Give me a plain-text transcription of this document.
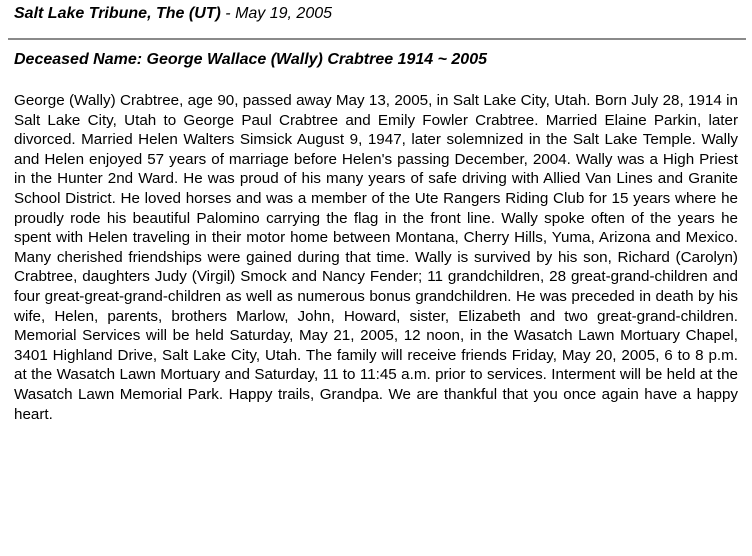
Salt Lake Tribune, The (UT) - May 19, 2005
Deceased Name: George Wallace (Wally) Crabtree 1914 ~ 2005

George (Wally) Crabtree, age 90, passed away May 13, 2005, in Salt Lake City, Utah. Born July 28, 1914 in Salt Lake City, Utah to George Paul Crabtree and Emily Fowler Crabtree. Married Elaine Parkin, later divorced. Married Helen Walters Simsick August 9, 1947, later solemnized in the Salt Lake Temple. Wally and Helen enjoyed 57 years of marriage before Helen's passing December, 2004. Wally was a High Priest in the Hunter 2nd Ward. He was proud of his many years of safe driving with Allied Van Lines and Granite School District. He loved horses and was a member of the Ute Rangers Riding Club for 15 years where he proudly rode his beautiful Palomino carrying the flag in the front line. Wally spoke often of the years he spent with Helen traveling in their motor home between Montana, Cherry Hills, Yuma, Arizona and Mexico. Many cherished friendships were gained during that time. Wally is survived by his son, Richard (Carolyn) Crabtree, daughters Judy (Virgil) Smock and Nancy Fender; 11 grandchildren, 28 great-grand-children and four great-great-grand-children as well as numerous bonus grandchildren. He was preceded in death by his wife, Helen, parents, brothers Marlow, John, Howard, sister, Elizabeth and two great-grand-children. Memorial Services will be held Saturday, May 21, 2005, 12 noon, in the Wasatch Lawn Mortuary Chapel, 3401 Highland Drive, Salt Lake City, Utah. The family will receive friends Friday, May 20, 2005, 6 to 8 p.m. at the Wasatch Lawn Mortuary and Saturday, 11 to 11:45 a.m. prior to services. Interment will be held at the Wasatch Lawn Memorial Park. Happy trails, Grandpa. We are thankful that you once again have a happy heart.
